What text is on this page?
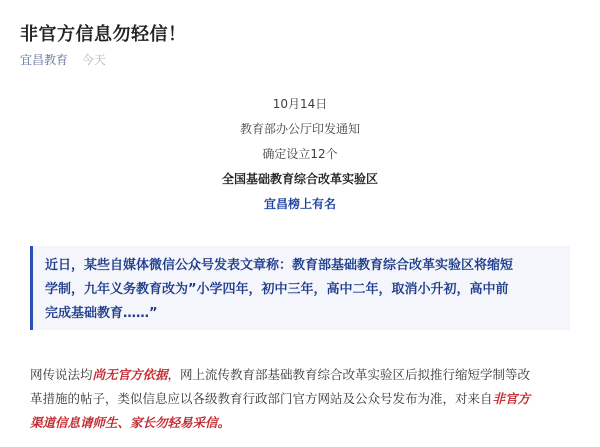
非官方信息勿轻信！
宜昌教育 今天
10月14日
教育部办公厅印发通知
确定设立12个
全国基础教育综合改革实验区
宜昌榜上有名
近日，某些自媒体微信公众号发表文章称：教育部基础教育综合改革实验区将缩短
学制，九年义务教育改为”小学四年，初中三年，高中二年，取消小升初，高中前
完成基础教育……”
网传说法均尚无官方依据，网上流传教育部基础教育综合改革实验区后拟推行缩短学制等改
革措施的帖子，类似信息应以各级教育行政部门官方网站及公众号发布为准，对来自非官方
渠道信息请师生、家长勿轻易采信。
